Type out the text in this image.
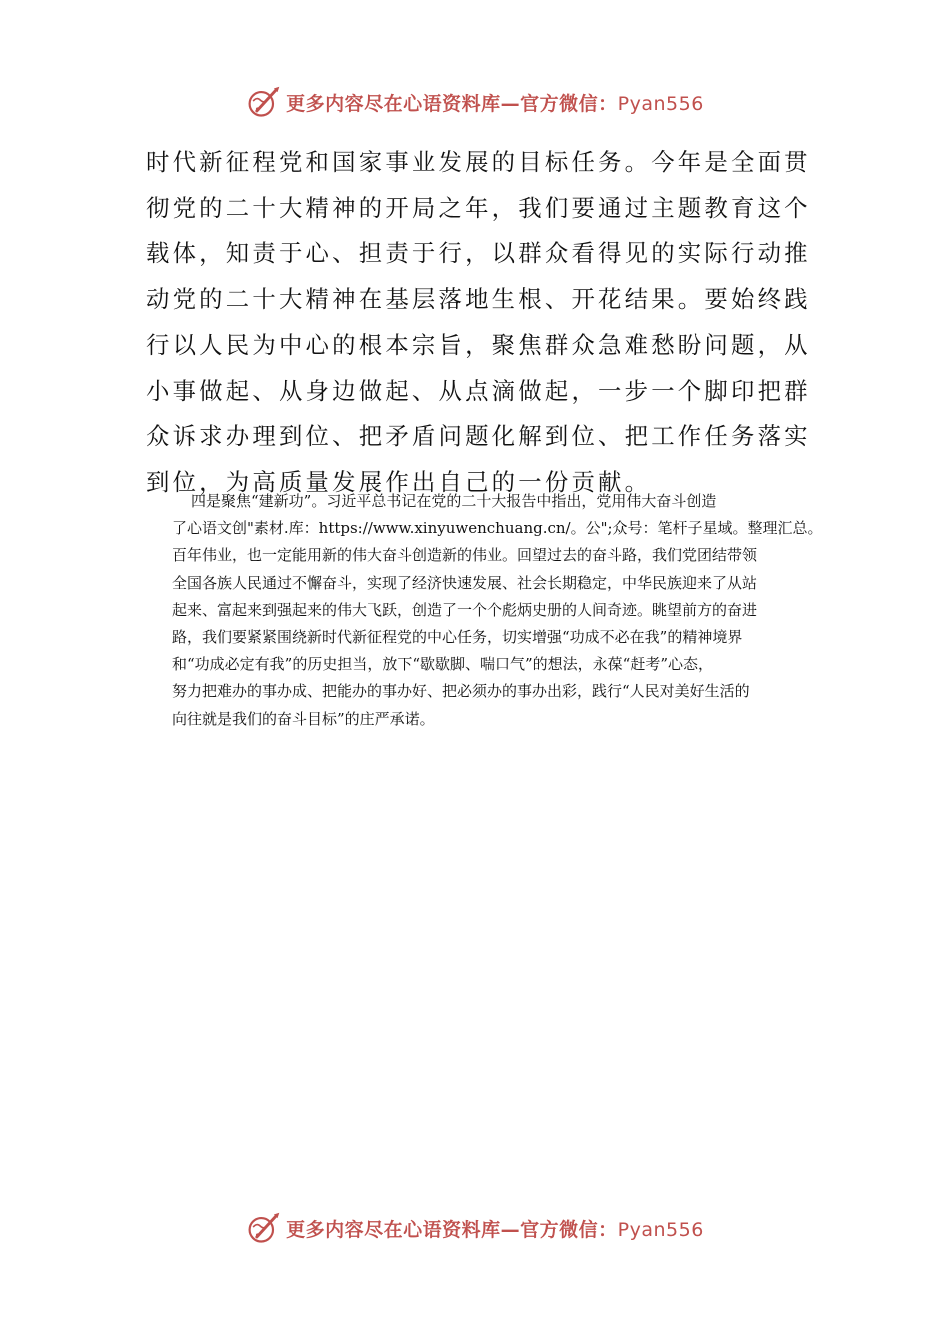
更多内容尽在心语资料库—官方微信：Pyan556
时代新征程党和国家事业发展的目标任务。今年是全面贯
彻党的二十大精神的开局之年，我们要通过主题教育这个
载体，知责于心、担责于行，以群众看得见的实际行动推
动党的二十大精神在基层落地生根、开花结果。要始终践
行以人民为中心的根本宗旨，聚焦群众急难愁盼问题，从
小事做起、从身边做起、从点滴做起，一步一个脚印把群
众诉求办理到位、把矛盾问题化解到位、把工作任务落实
到位，为高质量发展作出自己的一份贡献。
四是聚焦“建新功”。习近平总书记在党的二十大报告中指出，党用伟大奋斗创造
了心语文创"素材.库：https://www.xinyuwenchuang.cn/。公";众号：笔杆子星域。整理汇总。
百年伟业，也一定能用新的伟大奋斗创造新的伟业。回望过去的奋斗路，我们党团结带领
全国各族人民通过不懈奋斗，实现了经济快速发展、社会长期稳定，中华民族迎来了从站
起来、富起来到强起来的伟大飞跃，创造了一个个彪炳史册的人间奇迹。眺望前方的奋进
路，我们要紧紧围绕新时代新征程党的中心任务，切实增强“功成不必在我”的精神境界
和“功成必定有我”的历史担当，放下“歇歇脚、喘口气”的想法，永葆“赶考”心态，
努力把难办的事办成、把能办的事办好、把必须办的事办出彩，践行“人民对美好生活的
向往就是我们的奋斗目标”的庄严承诺。
更多内容尽在心语资料库—官方微信：Pyan556
